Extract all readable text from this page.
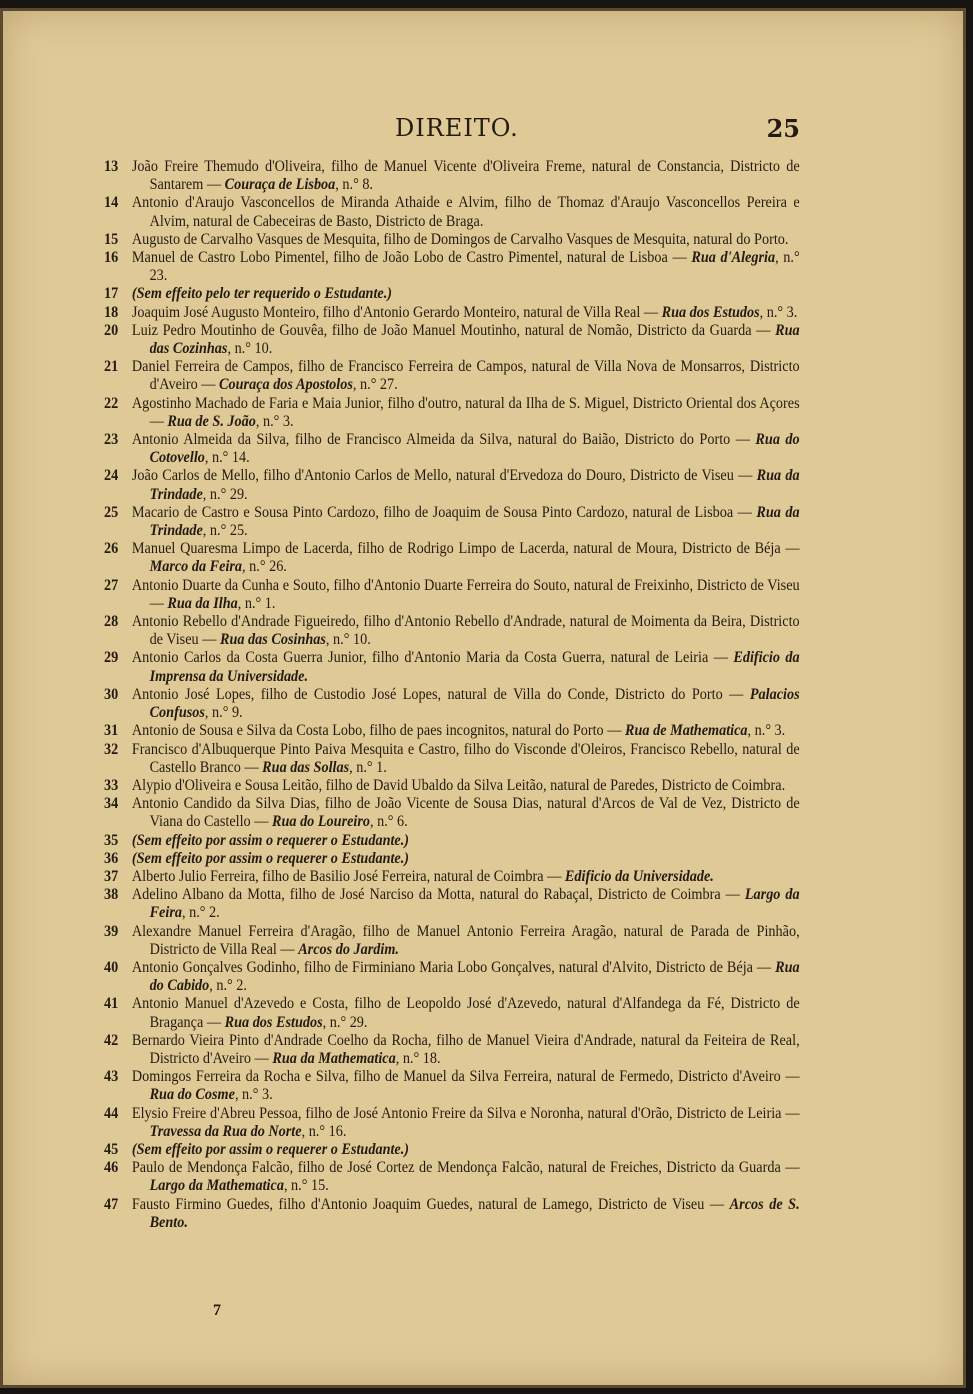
DIREITO.	25
13 João Freire Themudo d'Oliveira, filho de Manuel Vicente d'Oliveira Freme, natural de Constancia, Districto de Santarem — Couraça de Lisboa, n.° 8.
14 Antonio d'Araujo Vasconcellos de Miranda Athaide e Alvim, filho de Thomaz d'Araujo Vasconcellos Pereira e Alvim, natural de Cabeceiras de Basto, Districto de Braga.
15 Augusto de Carvalho Vasques de Mesquita, filho de Domingos de Carvalho Vasques de Mesquita, natural do Porto.
16 Manuel de Castro Lobo Pimentel, filho de João Lobo de Castro Pimentel, natural de Lisboa — Rua d'Alegria, n.° 23.
17 (Sem effeito pelo ter requerido o Estudante.)
18 Joaquim José Augusto Monteiro, filho d'Antonio Gerardo Monteiro, natural de Villa Real — Rua dos Estudos, n.° 3.
20 Luiz Pedro Moutinho de Gouvêa, filho de João Manuel Moutinho, natural de Nomão, Districto da Guarda — Rua das Cozinhas, n.° 10.
21 Daniel Ferreira de Campos, filho de Francisco Ferreira de Campos, natural de Villa Nova de Monsarros, Districto d'Aveiro — Couraça dos Apostolos, n.° 27.
22 Agostinho Machado de Faria e Maia Junior, filho d'outro, natural da Ilha de S. Miguel, Districto Oriental dos Açores — Rua de S. João, n.° 3.
23 Antonio Almeida da Silva, filho de Francisco Almeida da Silva, natural do Baião, Districto do Porto — Rua do Cotovello, n.° 14.
24 João Carlos de Mello, filho d'Antonio Carlos de Mello, natural d'Ervedoza do Douro, Districto de Viseu — Rua da Trindade, n.° 29.
25 Macario de Castro e Sousa Pinto Cardozo, filho de Joaquim de Sousa Pinto Cardozo, natural de Lisboa — Rua da Trindade, n.° 25.
26 Manuel Quaresma Limpo de Lacerda, filho de Rodrigo Limpo de Lacerda, natural de Moura, Districto de Béja — Marco da Feira, n.° 26.
27 Antonio Duarte da Cunha e Souto, filho d'Antonio Duarte Ferreira do Souto, natural de Freixinho, Districto de Viseu — Rua da Ilha, n.° 1.
28 Antonio Rebello d'Andrade Figueiredo, filho d'Antonio Rebello d'Andrade, natural de Moimenta da Beira, Districto de Viseu — Rua das Cosinhas, n.° 10.
29 Antonio Carlos da Costa Guerra Junior, filho d'Antonio Maria da Costa Guerra, natural de Leiria — Edificio da Imprensa da Universidade.
30 Antonio José Lopes, filho de Custodio José Lopes, natural de Villa do Conde, Districto do Porto — Palacios Confusos, n.° 9.
31 Antonio de Sousa e Silva da Costa Lobo, filho de paes incognitos, natural do Porto — Rua de Mathematica, n.° 3.
32 Francisco d'Albuquerque Pinto Paiva Mesquita e Castro, filho do Visconde d'Oleiros, Francisco Rebello, natural de Castello Branco — Rua das Sollas, n.° 1.
33 Alypio d'Oliveira e Sousa Leitão, filho de David Ubaldo da Silva Leitão, natural de Paredes, Districto de Coimbra.
34 Antonio Candido da Silva Dias, filho de João Vicente de Sousa Dias, natural d'Arcos de Val de Vez, Districto de Viana do Castello — Rua do Loureiro, n.° 6.
35 (Sem effeito por assim o requerer o Estudante.)
36 (Sem effeito por assim o requerer o Estudante.)
37 Alberto Julio Ferreira, filho de Basilio José Ferreira, natural de Coimbra — Edificio da Universidade.
38 Adelino Albano da Motta, filho de José Narciso da Motta, natural do Rabaçal, Districto de Coimbra — Largo da Feira, n.° 2.
39 Alexandre Manuel Ferreira d'Aragão, filho de Manuel Antonio Ferreira Aragão, natural de Parada de Pinhão, Districto de Villa Real — Arcos do Jardim.
40 Antonio Gonçalves Godinho, filho de Firminiano Maria Lobo Gonçalves, natural d'Alvito, Districto de Béja — Rua do Cabido, n.° 2.
41 Antonio Manuel d'Azevedo e Costa, filho de Leopoldo José d'Azevedo, natural d'Alfandega da Fé, Districto de Bragança — Rua dos Estudos, n.° 29.
42 Bernardo Vieira Pinto d'Andrade Coelho da Rocha, filho de Manuel Vieira d'Andrade, natural da Feiteira de Real, Districto d'Aveiro — Rua da Mathematica, n.° 18.
43 Domingos Ferreira da Rocha e Silva, filho de Manuel da Silva Ferreira, natural de Fermedo, Districto d'Aveiro — Rua do Cosme, n.° 3.
44 Elysio Freire d'Abreu Pessoa, filho de José Antonio Freire da Silva e Noronha, natural d'Orão, Districto de Leiria — Travessa da Rua do Norte, n.° 16.
45 (Sem effeito por assim o requerer o Estudante.)
46 Paulo de Mendonça Falcão, filho de José Cortez de Mendonça Falcão, natural de Freiches, Districto da Guarda — Largo da Mathematica, n.° 15.
47 Fausto Firmino Guedes, filho d'Antonio Joaquim Guedes, natural de Lamego, Districto de Viseu — Arcos de S. Bento.
7
